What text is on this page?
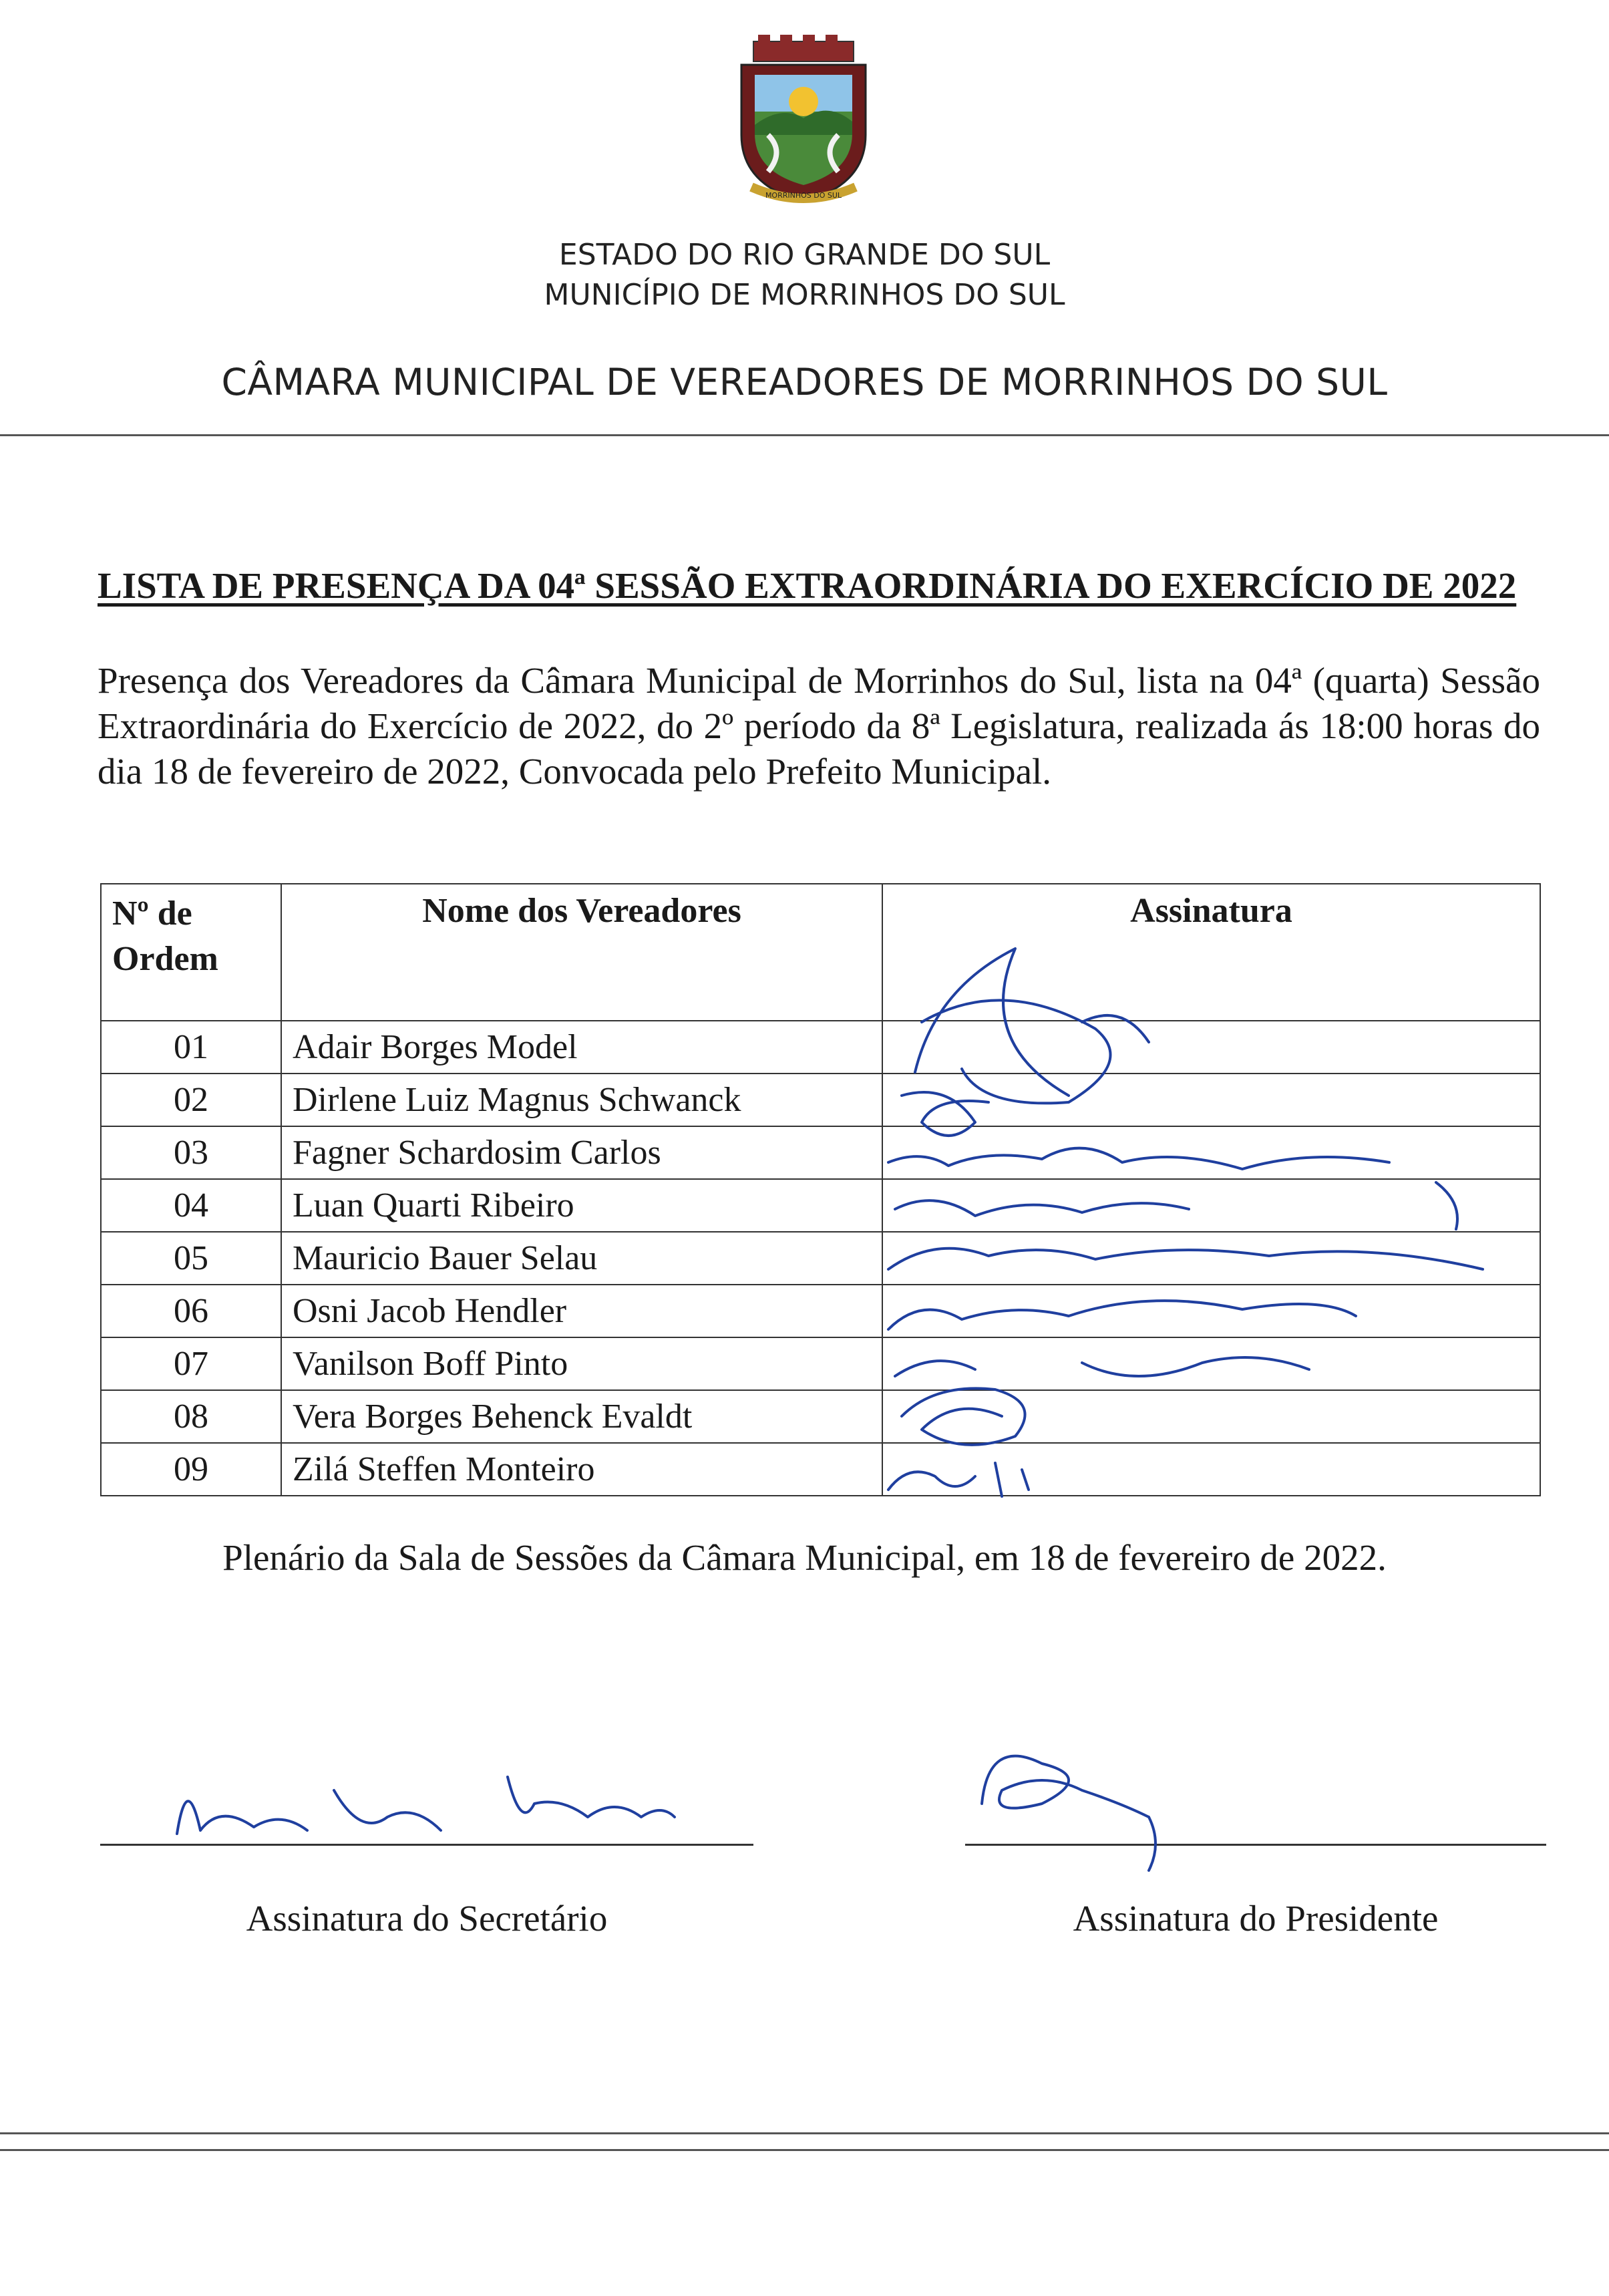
MORRINHOS DO SUL
ESTADO DO RIO GRANDE DO SUL
MUNICÍPIO DE MORRINHOS DO SUL
CÂMARA MUNICIPAL DE VEREADORES DE MORRINHOS DO SUL
LISTA DE PRESENÇA DA 04ª SESSÃO EXTRAORDINÁRIA DO EXERCÍCIO DE 2022
Presença dos Vereadores da Câmara Municipal de Morrinhos do Sul, lista na 04ª (quarta) Sessão Extraordinária do Exercício de 2022, do 2º período da 8ª Legislatura, realizada ás 18:00 horas do dia 18 de fevereiro de 2022, Convocada pelo Prefeito Municipal.
Nº de Ordem	Nome dos Vereadores	Assinatura
01	Adair Borges Model	
02	Dirlene Luiz Magnus Schwanck	
03	Fagner Schardosim Carlos	
04	Luan Quarti Ribeiro	
05	Mauricio Bauer Selau	
06	Osni Jacob Hendler	
07	Vanilson Boff Pinto	
08	Vera Borges Behenck Evaldt	
09	Zilá Steffen Monteiro	
Plenário da Sala de Sessões da Câmara Municipal, em 18 de fevereiro de 2022.
Assinatura do Secretário	Assinatura do Presidente
